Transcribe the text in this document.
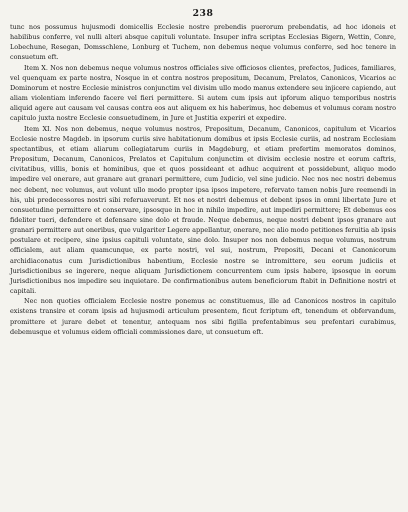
238

tunc nos possumus hujusmodi domicellis Ecclesie nostre prebendis puerorum prebendatis, ad hoc idoneis et habilibus conferre, vel nulli alteri absque capituli voluntate. Insuper infra scriptas Ecclesias Bigern, Wettin, Conre, Lobechune, Resegan, Domsschlene, Lonburg et Tuchem, non debemus neque volumus conferre, sed hoc tenere in consuetum eft.

Item X. Nos non debemus neque volumus nostros officiales sive officiosos clientes, prefectos, Judices, familiares, vel quenquam ex parte nostra, Nosque in et contra nostros prepositum, Decanum, Prelatos, Canonicos, Vicarios ac Dominorum et nostre Ecclesie ministros conjunctim vel divisim ullo modo manus extendere seu injicere capiendo, aut aliam violentiam inferendo facere vel fieri permittere. Si autem cum ipsis aut ipforum aliquo temporibus nostris aliquid agere aut causam vel causas contra eos aut aliquem ex his haberimus, hoc debemus et volumus coram nostro capitulo juxta nostre Ecclesie consuetudinem, in Jure et Justitia experiri et expedire.

Item XI. Nos non debemus, neque volumus nostros, Prepositum, Decanum, Canonicos, capitulum et Vicarios Ecclesie nostre Magdeb. in ipsorum curiis sive habitationum domibus et ipsis Ecclesie curiis, ad nostram Ecclesiam spectantibus, et etiam aliarum collegiatarum curiis in Magdeburg, et etiam prefertim memoratos dominos, Prepositum, Decanum, Canonicos, Prelatos et Capitulum conjunctim et divisim ecclesie nostre et eorum caftris, civitatibus, villis, bonis et hominibus, que et quos possideant et adhuc acquirent et possidebunt, aliquo modo impedire vel onerare, aut granare aut granari permittere, cum Judicio, vel sine judicio. Nec nos nec nostri debemus nec debent, nec volumus, aut volunt ullo modo propter ipsa ipsos impetere, refervato tamen nobis Jure reemendi in his, ubi predecessores nostri sibi referuaverunt. Et nos et nostri debemus et debent ipsos in omni libertate Jure et consuetudine permittere et conservare, ipsosque in hoc in nihilo impedire, aut impediri permittere; Et debemus eos fideliter tueri, defendere et defensare sine dolo et fraude. Neque debemus, neque nostri debent ipsos granare aut granari permittere aut oneribus, que vulgariter Legere appellantur, onerare, nec alio modo petitiones feruitia ab ipsis postulare et recipere, sine ipsius capituli voluntate, sine dolo. Insuper nos non debemus neque volumus, nostrum officialem, aut aliam quamcunque, ex parte nostri, vel sui, nostrum, Prepositi, Decani et Canonicorum archidiaconatus cum Jurisdictionibus habentium, Ecclesie nostre se intromittere, seu eorum judiciis et Jurisdictionibus se ingerere, neque aliquam Jurisdictionem concurrentem cum ipsis habere, ipsosque in eorum Jurisdictionibus nos impedire seu inquietare. De confirmationibus autem beneficiorum ftabit in Definitione nostri et capitali.

Nec non quoties officialem Ecclesie nostre ponemus ac constituemus, ille ad Canonicos nostros in capitulo existens transire et coram ipsis ad hujusmodi articulum presentem, ficut fcriptum eft, tenendum et obfervandum, promittere et jurare debet et tenentur, antequam nos sibi figilla prefentabimus seu prefentari curabimus, debemusque et volumus eidem officiali commissiones dare, ut consuetum eft.
